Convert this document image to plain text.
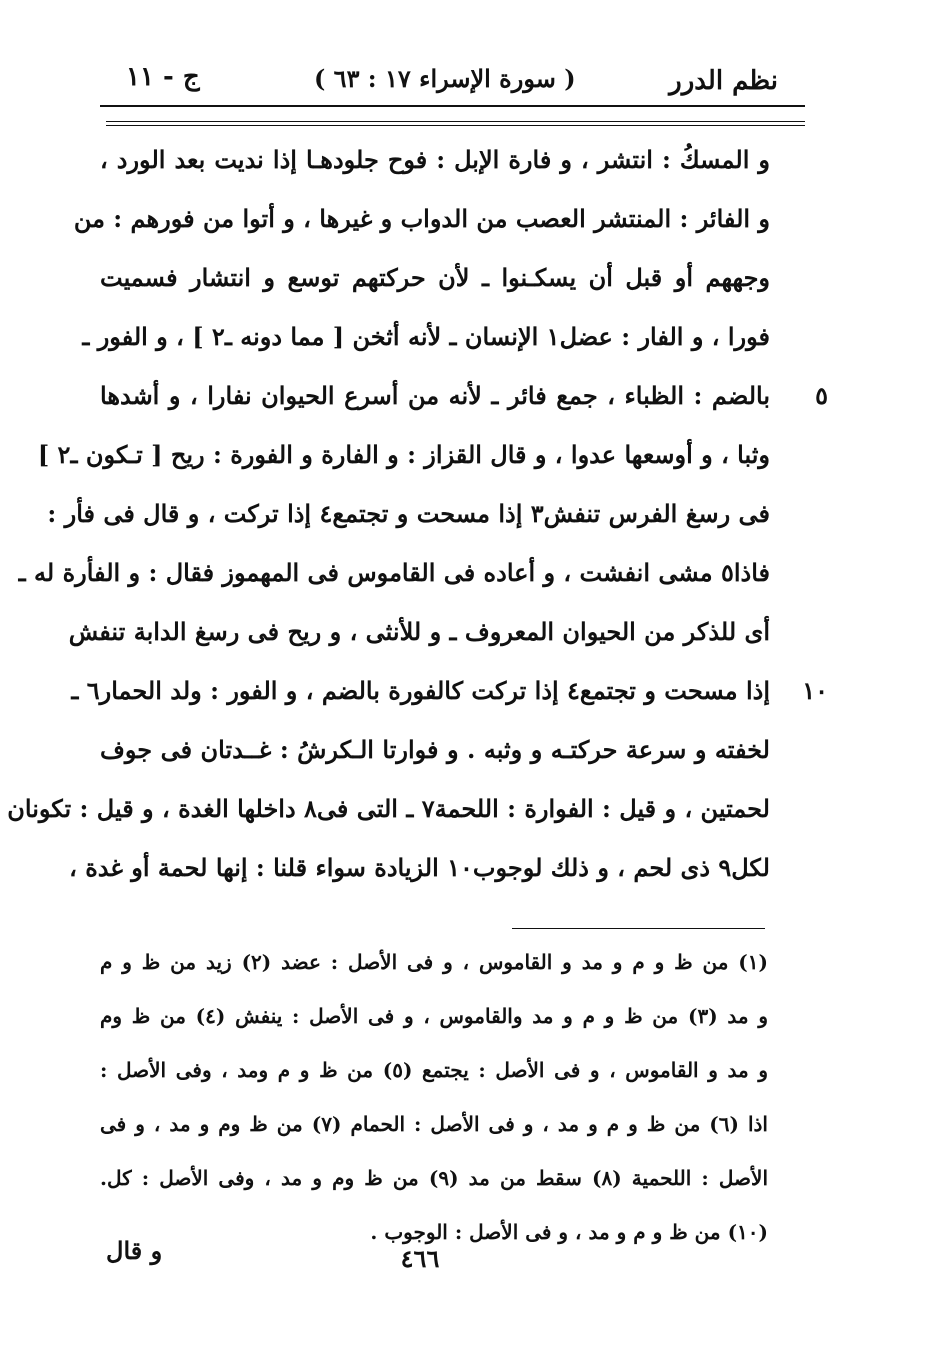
نظم الدرر
( سورة الإسراء ١٧ : ٦٣ )
ج - ١١
و المسكُ : انتشر ، و فارة الإبل : فوح جلودهـا إذا نديت بعد الورد ،
و الفائر : المنتشر العصب من الدواب و غيرها ، و أتوا من فورهم : من
وجههم أو قبل أن يسكـنوا ـ لأن حركتهم توسع و انتشار فسميت
فورا ، و الفار : عضل١ الإنسان ـ لأنه أثخن [ مما دونه ـ٢ ] ، و الفور ـ
بالضم : الظباء ، جمع فائر ـ لأنه من أسرع الحيوان نفارا ، و أشدها ٥
وثبا ، و أوسعها عدوا ، و قال القزاز : و الفارة و الفورة : ريح [ تـكون ـ٢ ]
فى رسغ الفرس تنفش٣ إذا مسحت و تجتمع٤ إذا تركت ، و قال فى فأر :
فاذا٥ مشى انفشت ، و أعاده فى القاموس فى المهموز فقال : و الفأرة له ـ
أى للذكر من الحيوان المعروف ـ و للأنثى ، و ريح فى رسغ الدابة تنفش
إذا مسحت و تجتمع٤ إذا تركت كالفورة بالضم ، و الفور : ولد الحمار٦ ـ ١٠
لخفته و سرعة حركتـه و وثبه . و فوارتا الـكرشُ : غــدتان فى جوف
لحمتين ، و قيل : الفوارة : اللحمة٧ ـ التى فى٨ داخلها الغدة ، و قيل : تكونان
لكل٩ ذى لحم ، و ذلك لوجوب١٠ الزيادة سواء قلنا : إنها لحمة أو غدة ،
(١) من ظ و م و مد و القاموس ، و فى الأصل : عضد (٢) زيد من ظ و م
و مد (٣) من ظ و م و مد والقاموس ، و فى الأصل : ينفش (٤) من ظ وم
و مد و القاموس ، و فى الأصل : يجتمع (٥) من ظ و م ومد ، وفى الأصل :
اذا (٦) من ظ و م و مد ، و فى الأصل : الحمام (٧) من ظ وم و مد ، و فى
الأصل : اللحمية (٨) سقط من مد (٩) من ظ وم و مد ، وفى الأصل : كل.
(١٠) من ظ و م و مد ، و فى الأصل : الوجوب .
٤٦٦
و قال
